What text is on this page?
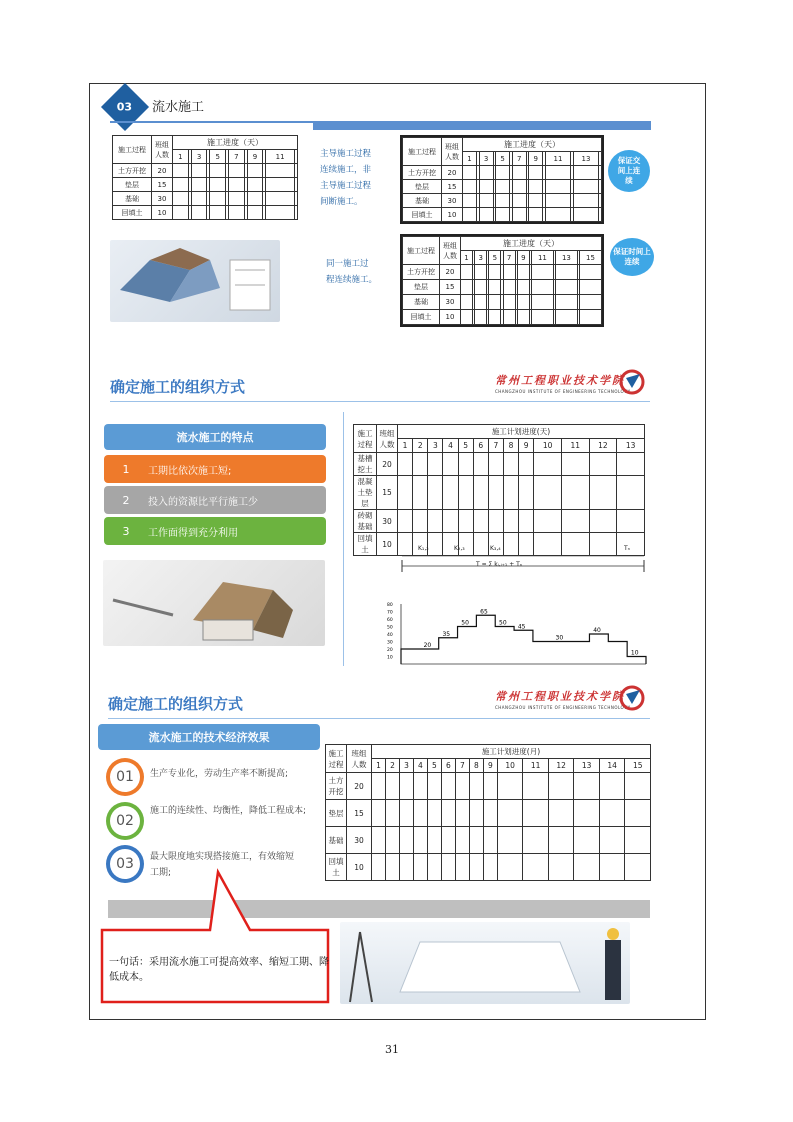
03 流水施工
施工过程	班组
人数	施工进度（天）											
		1		3		5		7		9		11	
土方开挖	20												
垫层	15												
基础	30												
回填土	10												
主导施工过程
连续施工，非
主导施工过程
间断施工。
施工过程	班组
人数	施工进度（天）													
		1		3		5		7		9		11		13	
土方开挖	20														
垫层	15														
基础	30														
回填土	10														
保证交
间上连
续
同一施工过
程连续施工。
施工过程	班组
人数	施工进度（天）														
		1		3		5		7		9		11		13		15
土方开挖	20															
垫层	15															
基础	30															
回填土	10															
保证时间上
连续
确定施工的组织方式	常州工程职业技术学院
CHANGZHOU INSTITUTE OF ENGINEERING TECHNOLOGY
流水施工的特点
1	工期比依次施工短;
2	投入的资源比平行施工少
3	工作面得到充分利用
施工
过程	班组
人数	施工计划进度(天)												
		1	2	3	4	5	6	7	8	9	10	11	12	13
基槽挖土	20													
混凝土垫层	15													
砖砌基础	30													
回填土	10														K₁,₂	K₂,₃	K₃,₄	Tₙ
T = Σ kᵢ,ᵢ₊₁ + Tₙ
80
70
60
50
40
30
20
10
20
35
50
65
50
45
30
40
10
确定施工的组织方式	常州工程职业技术学院
CHANGZHOU INSTITUTE OF ENGINEERING TECHNOLOGY
流水施工的技术经济效果
01	生产专业化，劳动生产率不断提高;
02
施工的连续性、均衡性，降低工程成本;
03	最大限度地实现搭接施工，有效缩短工期;
施工
过程	班组
人数	施工计划进度(月)														
		1	2	3	4	5	6	7	8	9	10	11	12	13	14	15
土方开挖	20															
垫层	15															
基础	30															
回填土	10															
一句话：采用流水施工可提高效率、缩短工期、降低成本。
31
